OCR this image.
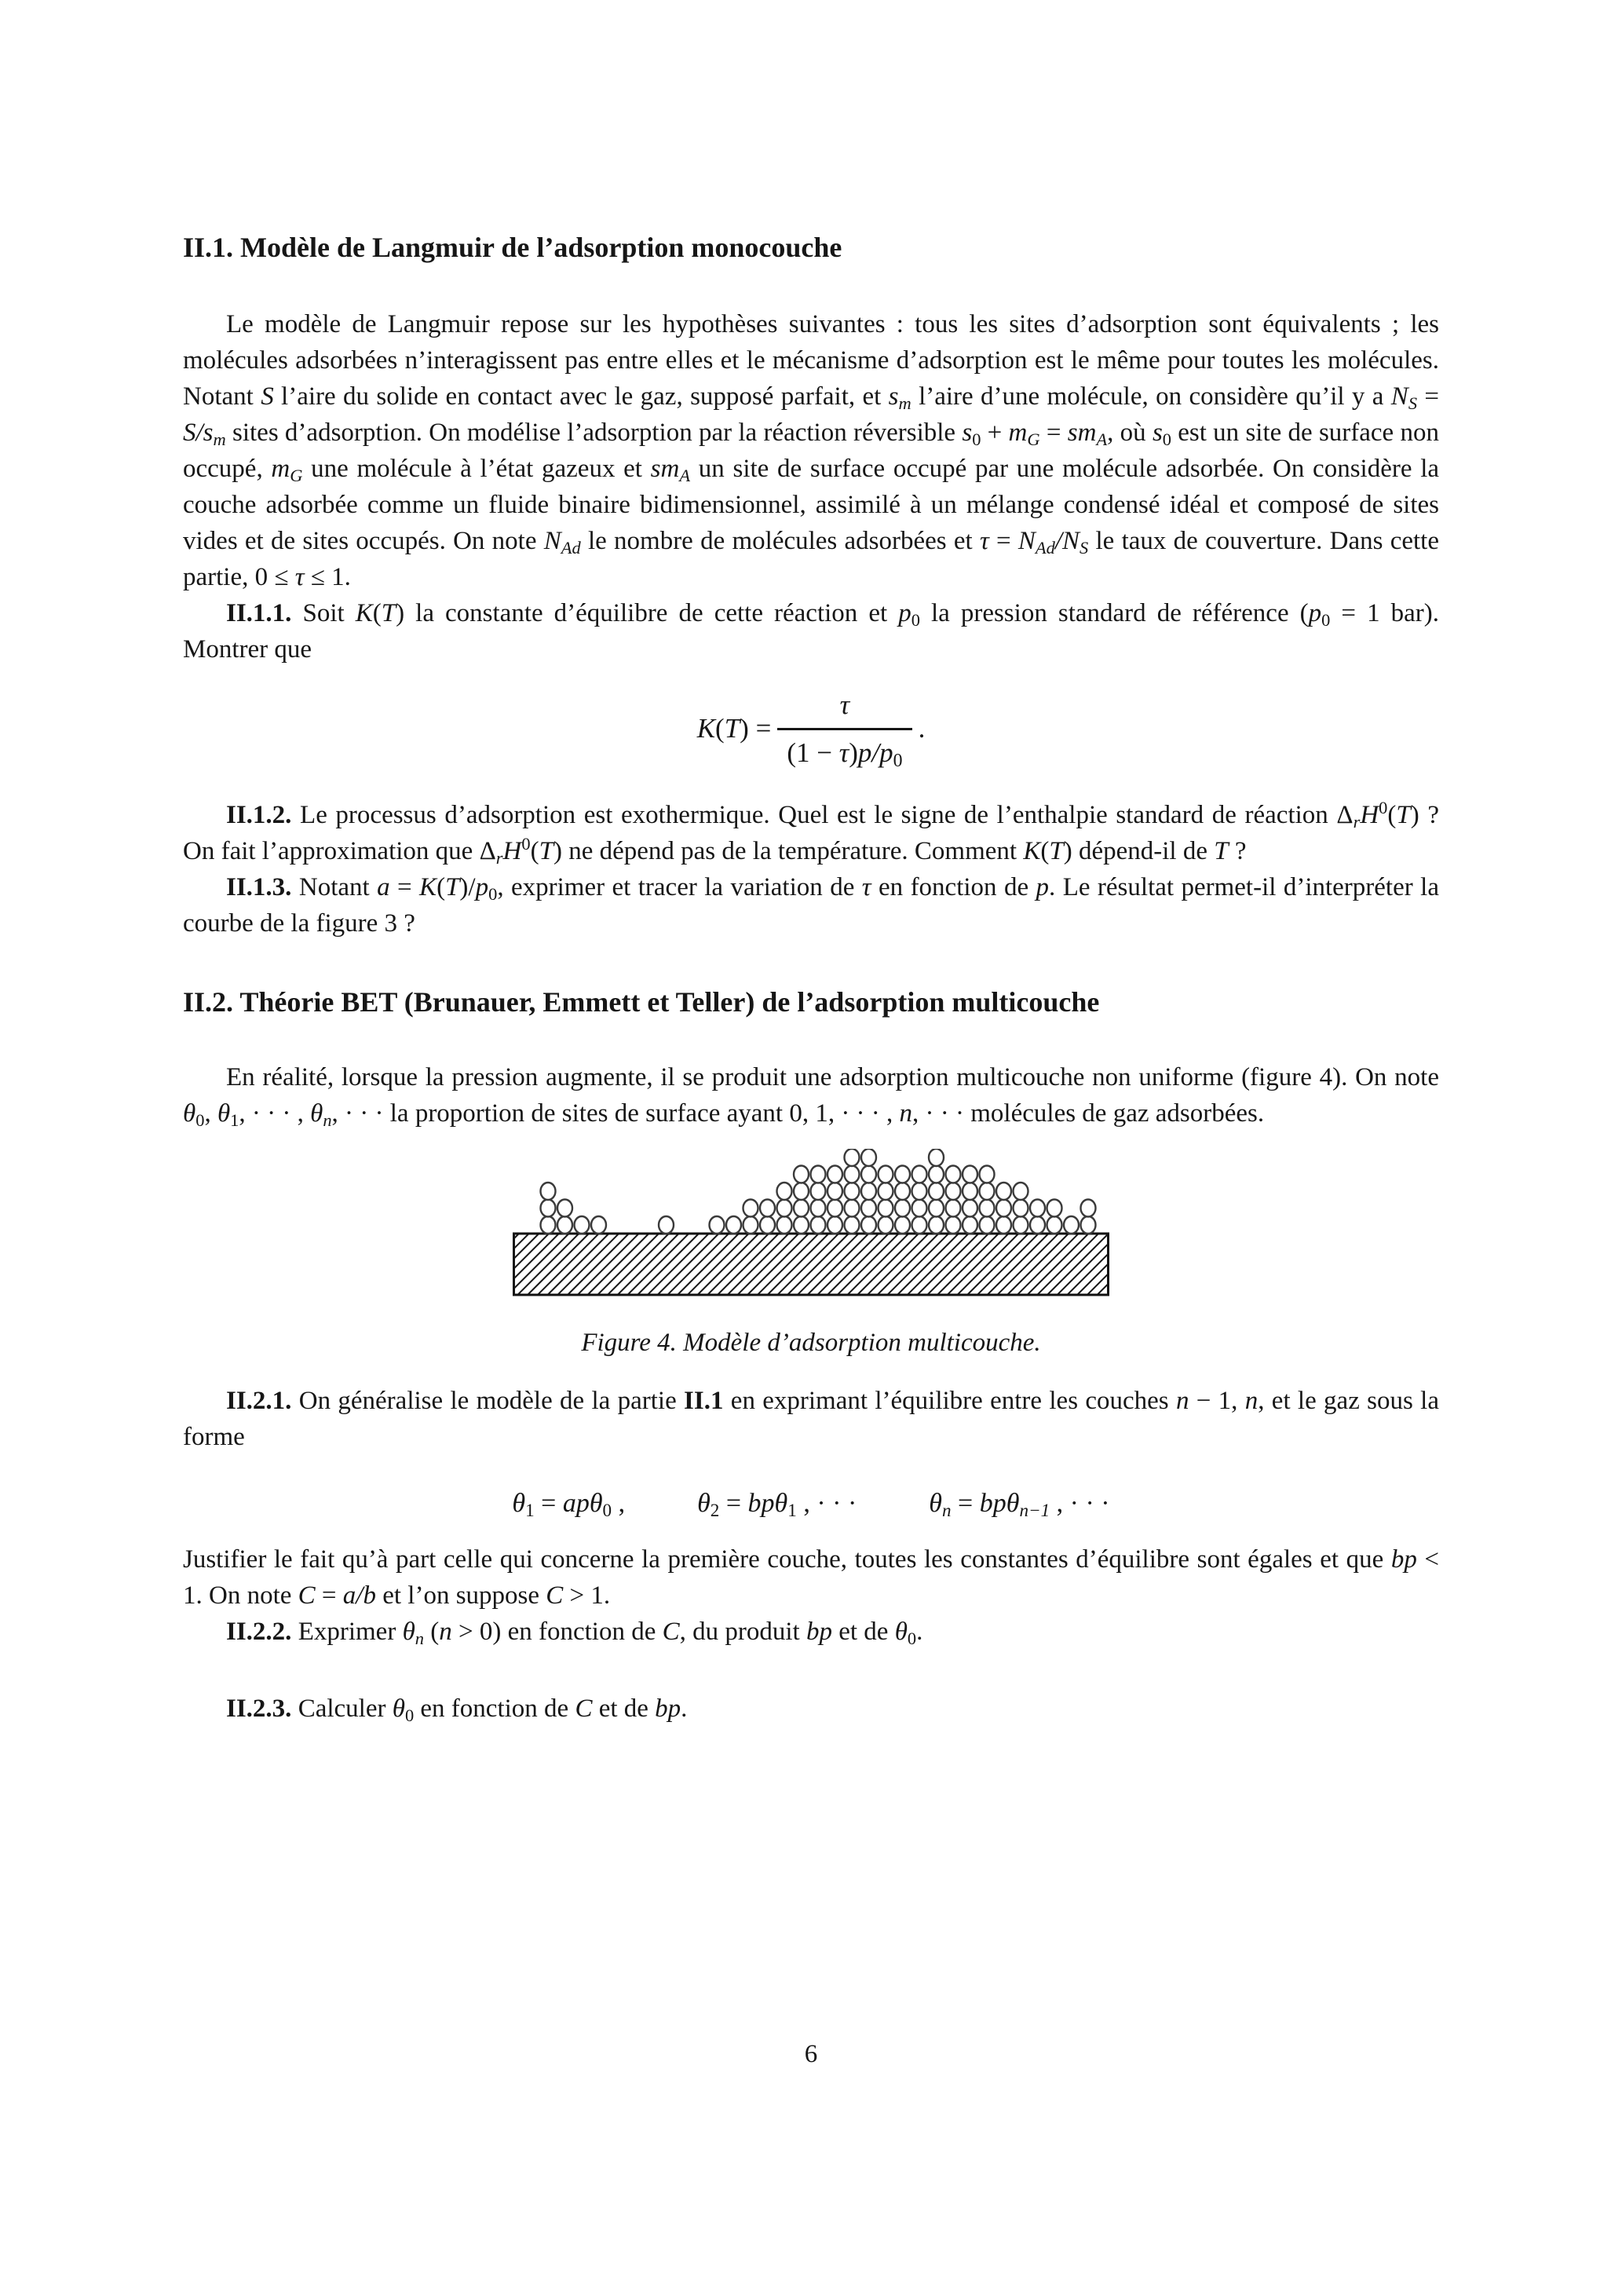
II.1. Modèle de Langmuir de l’adsorption monocouche

Le modèle de Langmuir repose sur les hypothèses suivantes : tous les sites d’adsorption sont équivalents ; les molécules adsorbées n’interagissent pas entre elles et le mécanisme d’adsorption est le même pour toutes les molécules. Notant S l’aire du solide en contact avec le gaz, supposé parfait, et $s_m$ l’aire d’une molécule, on considère qu’il y a $N_S = S/s_m$ sites d’adsorption. On modélise l’adsorption par la réaction réversible $s_0 + m_G = sm_A$, où $s_0$ est un site de surface non occupé, $m_G$ une molécule à l’état gazeux et $sm_A$ un site de surface occupé par une molécule adsorbée. On considère la couche adsorbée comme un fluide binaire bidimensionnel, assimilé à un mélange condensé idéal et composé de sites vides et de sites occupés. On note $N_{Ad}$ le nombre de molécules adsorbées et $\tau = N_{Ad}/N_S$ le taux de couverture. Dans cette partie, 0 ≤ τ ≤ 1.

II.1.1. Soit K(T) la constante d’équilibre de cette réaction et $p_0$ la pression standard de référence ($p_0 = 1$ bar). Montrer que

$K(T) = \frac{\tau}{(1 - \tau)p/p_0}$ .

II.1.2. Le processus d’adsorption est exothermique. Quel est le signe de l’enthalpie standard de réaction $\Delta_rH^0(T)$ ? On fait l’approximation que $\Delta_rH^0(T)$ ne dépend pas de la température. Comment K(T) dépend-il de T ?

II.1.3. Notant $a = K(T)/p_0$, exprimer et tracer la variation de τ en fonction de p. Le résultat permet-il d’interpréter la courbe de la figure 3 ?

II.2. Théorie BET (Brunauer, Emmett et Teller) de l’adsorption multicouche

En réalité, lorsque la pression augmente, il se produit une adsorption multicouche non uniforme (figure 4). On note $\theta_0$, $\theta_1$, · · · , $\theta_n$, · · · la proportion de sites de surface ayant 0, 1, · · · , n, · · · molécules de gaz adsorbées.

Figure 4. Modèle d’adsorption multicouche.

II.2.1. On généralise le modèle de la partie II.1 en exprimant l’équilibre entre les couches n − 1, n, et le gaz sous la forme

$\theta_1 = ap\theta_0$ ,	$\theta_2 = bp\theta_1$ , · · ·	$\theta_n = bp\theta_{n-1}$ , · · ·

Justifier le fait qu’à part celle qui concerne la première couche, toutes les constantes d’équilibre sont égales et que bp < 1. On note C = a/b et l’on suppose C > 1.

II.2.2. Exprimer $\theta_n$ (n > 0) en fonction de C, du produit bp et de $\theta_0$.

II.2.3. Calculer $\theta_0$ en fonction de C et de bp.

6
